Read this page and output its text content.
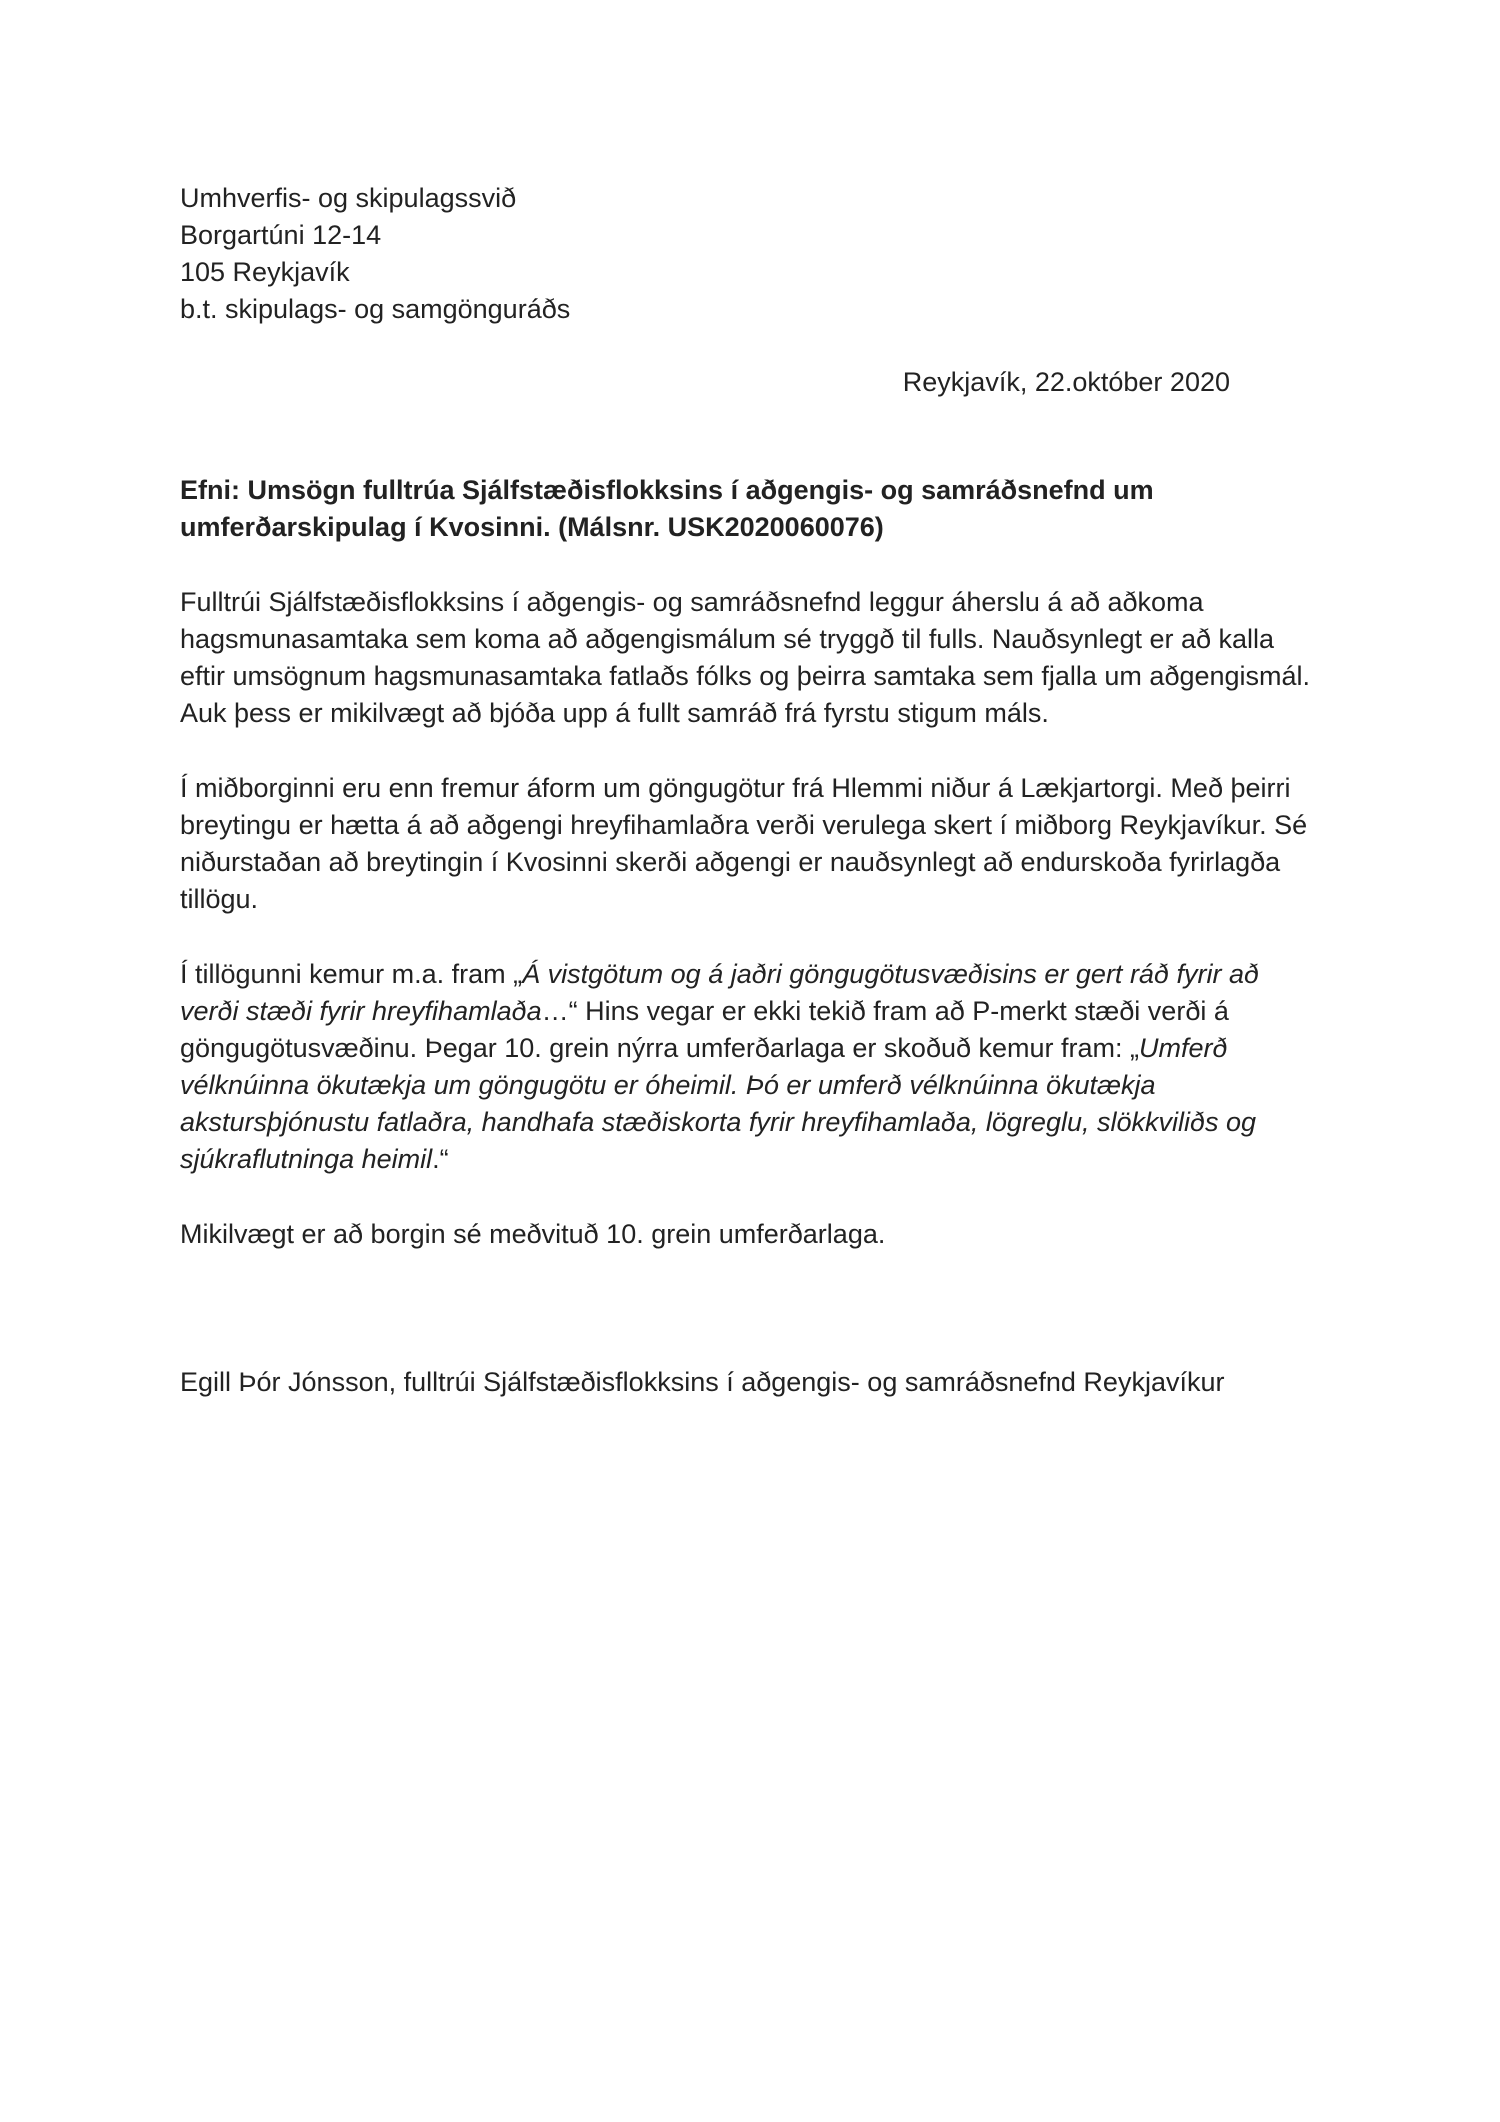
Umhverfis- og skipulagssvið

Borgartúni 12-14

105 Reykjavík

b.t. skipulags- og samgönguráðs

Reykjavík, 22.október 2020

Efni: Umsögn fulltrúa Sjálfstæðisflokksins í aðgengis- og samráðsnefnd um umferðarskipulag í Kvosinni. (Málsnr. USK2020060076)

Fulltrúi Sjálfstæðisflokksins í aðgengis- og samráðsnefnd leggur áherslu á að aðkoma hagsmunasamtaka sem koma að aðgengismálum sé tryggð til fulls. Nauðsynlegt er að kalla eftir umsögnum hagsmunasamtaka fatlaðs fólks og þeirra samtaka sem fjalla um aðgengismál. Auk þess er mikilvægt að bjóða upp á fullt samráð frá fyrstu stigum máls.

Í miðborginni eru enn fremur áform um göngugötur frá Hlemmi niður á Lækjartorgi. Með þeirri breytingu er hætta á að aðgengi hreyfihamlaðra verði verulega skert í miðborg Reykjavíkur. Sé niðurstaðan að breytingin í Kvosinni skerði aðgengi er nauðsynlegt að endurskoða fyrirlagða tillögu.

Í tillögunni kemur m.a. fram „Á vistgötum og á jaðri göngugötusvæðisins er gert ráð fyrir að verði stæði fyrir hreyfihamlaða…“ Hins vegar er ekki tekið fram að P-merkt stæði verði á göngugötusvæðinu. Þegar 10. grein nýrra umferðarlaga er skoðuð kemur fram: „Umferð vélknúinna ökutækja um göngugötu er óheimil. Þó er umferð vélknúinna ökutækja akstursþjónustu fatlaðra, handhafa stæðiskorta fyrir hreyfihamlaða, lögreglu, slökkviliðs og sjúkraflutninga heimil.“

Mikilvægt er að borgin sé meðvituð 10. grein umferðarlaga.

Egill Þór Jónsson, fulltrúi Sjálfstæðisflokksins í aðgengis- og samráðsnefnd Reykjavíkur
